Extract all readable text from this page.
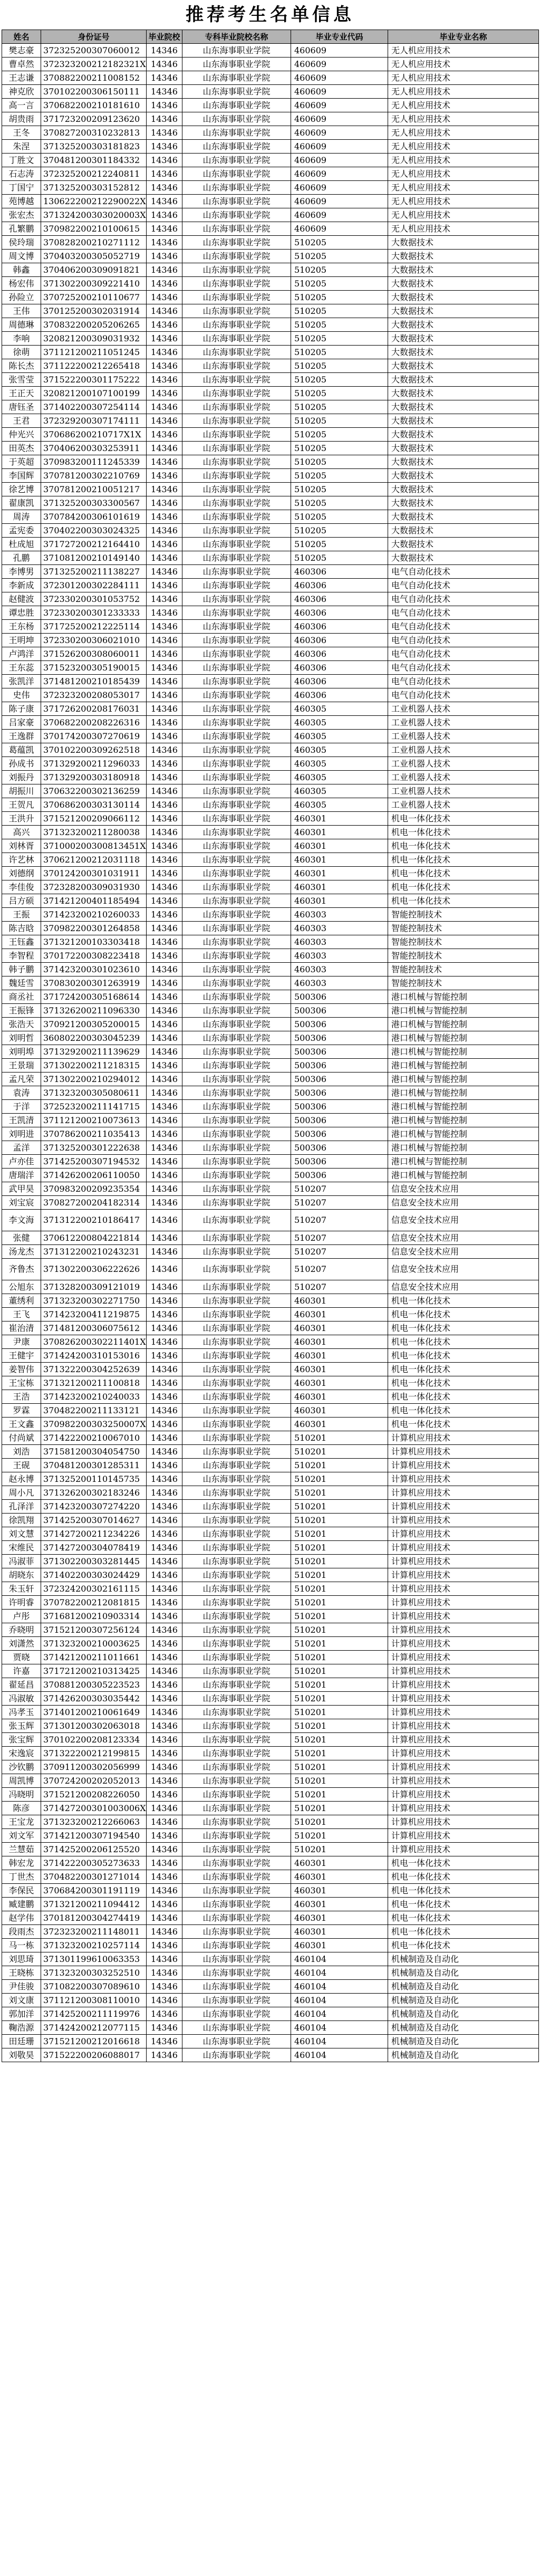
推荐考生名单信息
姓名	身份证号	毕业院校	专科毕业院校名称	毕业专业代码	毕业专业名称
樊志豪	372325200307060012	14346	山东海事职业学院	460609	无人机应用技术
曹卓然	372323200212182321X	14346	山东海事职业学院	460609	无人机应用技术
王志谦	370882200211008152	14346	山东海事职业学院	460609	无人机应用技术
神克欣	370102200306150111	14346	山东海事职业学院	460609	无人机应用技术
高一言	370682200210181610	14346	山东海事职业学院	460609	无人机应用技术
胡贵雨	371723200209123620	14346	山东海事职业学院	460609	无人机应用技术
王冬	370827200310232813	14346	山东海事职业学院	460609	无人机应用技术
朱涅	371325200303181823	14346	山东海事职业学院	460609	无人机应用技术
丁胜文	370481200301184332	14346	山东海事职业学院	460609	无人机应用技术
石志涛	372325200212240811	14346	山东海事职业学院	460609	无人机应用技术
丁国宁	371325200303152812	14346	山东海事职业学院	460609	无人机应用技术
苑博越	130622200212290022X	14346	山东海事职业学院	460609	无人机应用技术
张宏杰	371324200303020003X	14346	山东海事职业学院	460609	无人机应用技术
孔繁鹏	370982200210100615	14346	山东海事职业学院	460609	无人机应用技术
侯玲瑞	370828200210271112	14346	山东海事职业学院	510205	大数据技术
周文博	370403200305052719	14346	山东海事职业学院	510205	大数据技术
韩鑫	370406200309091821	14346	山东海事职业学院	510205	大数据技术
杨宏伟	371302200309221410	14346	山东海事职业学院	510205	大数据技术
孙险立	370725200210110677	14346	山东海事职业学院	510205	大数据技术
王伟	370125200302031914	14346	山东海事职业学院	510205	大数据技术
周德琳	370832200205206265	14346	山东海事职业学院	510205	大数据技术
李响	320821200309031932	14346	山东海事职业学院	510205	大数据技术
徐萌	371121200211051245	14346	山东海事职业学院	510205	大数据技术
陈长杰	371122200212265418	14346	山东海事职业学院	510205	大数据技术
张雪莹	371522200301175222	14346	山东海事职业学院	510205	大数据技术
王正天	320821200107100199	14346	山东海事职业学院	510205	大数据技术
唐钰圣	371402200307254114	14346	山东海事职业学院	510205	大数据技术
王君	372329200307174111	14346	山东海事职业学院	510205	大数据技术
仲光兴	370686200210717X1X	14346	山东海事职业学院	510205	大数据技术
田英杰	370406200303253911	14346	山东海事职业学院	510205	大数据技术
于英超	370983200111245339	14346	山东海事职业学院	510205	大数据技术
李国辉	370781200302210769	14346	山东海事职业学院	510205	大数据技术
徐艺博	370781200210051217	14346	山东海事职业学院	510205	大数据技术
翟康凯	371325200303300567	14346	山东海事职业学院	510205	大数据技术
周涛	370784200306101619	14346	山东海事职业学院	510205	大数据技术
孟宪委	370402200303024325	14346	山东海事职业学院	510205	大数据技术
杜成旭	371727200212164410	14346	山东海事职业学院	510205	大数据技术
孔鹏	371081200210149140	14346	山东海事职业学院	510205	大数据技术
李博男	371325200211138227	14346	山东海事职业学院	460306	电气自动化技术
李新成	372301200302284111	14346	山东海事职业学院	460306	电气自动化技术
赵健波	372330200301053752	14346	山东海事职业学院	460306	电气自动化技术
谭忠胜	372330200301233333	14346	山东海事职业学院	460306	电气自动化技术
王东杨	371725200212225114	14346	山东海事职业学院	460306	电气自动化技术
王明坤	372330200306021010	14346	山东海事职业学院	460306	电气自动化技术
卢鸿洋	371526200308060011	14346	山东海事职业学院	460306	电气自动化技术
王东蕊	371523200305190015	14346	山东海事职业学院	460306	电气自动化技术
张凯洋	371481200210185439	14346	山东海事职业学院	460306	电气自动化技术
史伟	372323200208053017	14346	山东海事职业学院	460306	电气自动化技术
陈子康	371726200208176031	14346	山东海事职业学院	460305	工业机器人技术
吕家豪	370682200208226316	14346	山东海事职业学院	460305	工业机器人技术
王逸群	370174200307270619	14346	山东海事职业学院	460305	工业机器人技术
葛蕴凯	370102200309262518	14346	山东海事职业学院	460305	工业机器人技术
孙成书	371329200211296033	14346	山东海事职业学院	460305	工业机器人技术
刘振丹	371329200303180918	14346	山东海事职业学院	460305	工业机器人技术
胡振川	370632200302136259	14346	山东海事职业学院	460305	工业机器人技术
王贺凡	370686200303130114	14346	山东海事职业学院	460305	工业机器人技术
王洪升	371521200209066112	14346	山东海事职业学院	460301	机电一体化技术
高兴	371323200211280038	14346	山东海事职业学院	460301	机电一体化技术
刘林胥	371000200300813451X	14346	山东海事职业学院	460301	机电一体化技术
许艺林	370621200212031118	14346	山东海事职业学院	460301	机电一体化技术
刘德纲	370124200301031911	14346	山东海事职业学院	460301	机电一体化技术
李佳俊	372328200309031930	14346	山东海事职业学院	460301	机电一体化技术
吕方硕	371421200401185494	14346	山东海事职业学院	460301	机电一体化技术
王振	371423200210260033	14346	山东海事职业学院	460303	智能控制技术
陈吉晗	370982200301264858	14346	山东海事职业学院	460303	智能控制技术
王钰鑫	371321200103303418	14346	山东海事职业学院	460303	智能控制技术
李智程	370172200308223418	14346	山东海事职业学院	460303	智能控制技术
韩子鹏	371423200301023610	14346	山东海事职业学院	460303	智能控制技术
魏廷雪	370830200301263919	14346	山东海事职业学院	460303	智能控制技术
商丞社	371724200305168614	14346	山东海事职业学院	500306	港口机械与智能控制
王振锋	371326200211096330	14346	山东海事职业学院	500306	港口机械与智能控制
张浩天	370921200305200015	14346	山东海事职业学院	500306	港口机械与智能控制
刘明哲	360802200303045239	14346	山东海事职业学院	500306	港口机械与智能控制
刘明埠	371329200211139629	14346	山东海事职业学院	500306	港口机械与智能控制
王景瑞	371302200211218315	14346	山东海事职业学院	500306	港口机械与智能控制
孟凡荣	371302200210294012	14346	山东海事职业学院	500306	港口机械与智能控制
袁涛	371323200305080611	14346	山东海事职业学院	500306	港口机械与智能控制
于洋	372523200211141715	14346	山东海事职业学院	500306	港口机械与智能控制
王凯清	371121200210073613	14346	山东海事职业学院	500306	港口机械与智能控制
刘明进	370786200211035413	14346	山东海事职业学院	500306	港口机械与智能控制
孟洋	371325200301222638	14346	山东海事职业学院	500306	港口机械与智能控制
卢亦佳	371425200307194532	14346	山东海事职业学院	500306	港口机械与智能控制
唐瑞洋	371426200206110050	14346	山东海事职业学院	500306	港口机械与智能控制
武甲昊	370983200209235354	14346	山东海事职业学院	510207	信息安全技术应用
刘宝宸	370827200204182314	14346	山东海事职业学院	510207	信息安全技术应用
李文海	371312200210186417	14346	山东海事职业学院	510207	信息安全技术应用
张健	370612200804221814	14346	山东海事职业学院	510207	信息安全技术应用
汤龙杰	371312200210243231	14346	山东海事职业学院	510207	信息安全技术应用
齐鲁杰	371302200306222626	14346	山东海事职业学院	510207	信息安全技术应用
公旭东	371328200309121019	14346	山东海事职业学院	510207	信息安全技术应用
董绣利	371323200302271750	14346	山东海事职业学院	460301	机电一体化技术
王飞	371423200411219875	14346	山东海事职业学院	460301	机电一体化技术
崔治清	371481200306075612	14346	山东海事职业学院	460301	机电一体化技术
尹康	370826200302211401X	14346	山东海事职业学院	460301	机电一体化技术
王健宇	371424200310153016	14346	山东海事职业学院	460301	机电一体化技术
姜智伟	371322200304252639	14346	山东海事职业学院	460301	机电一体化技术
王宝栋	371321200211100818	14346	山东海事职业学院	460301	机电一体化技术
王浩	371423200210240033	14346	山东海事职业学院	460301	机电一体化技术
罗霖	370482200211133121	14346	山东海事职业学院	460301	机电一体化技术
王文鑫	370982200303250007X	14346	山东海事职业学院	460301	机电一体化技术
付尚斌	371422200210067010	14346	山东海事职业学院	510201	计算机应用技术
刘浩	371581200304054750	14346	山东海事职业学院	510201	计算机应用技术
王砚	370481200301285311	14346	山东海事职业学院	510201	计算机应用技术
赵永博	371325200110145735	14346	山东海事职业学院	510201	计算机应用技术
周小凡	371326200302183246	14346	山东海事职业学院	510201	计算机应用技术
孔泽洋	371423200307274220	14346	山东海事职业学院	510201	计算机应用技术
徐凯翔	371425200307014627	14346	山东海事职业学院	510201	计算机应用技术
刘文慧	371427200211234226	14346	山东海事职业学院	510201	计算机应用技术
宋维民	371427200304078419	14346	山东海事职业学院	510201	计算机应用技术
冯淑菲	371302200303281445	14346	山东海事职业学院	510201	计算机应用技术
胡晓东	371402200303024429	14346	山东海事职业学院	510201	计算机应用技术
朱玉轩	372324200302161115	14346	山东海事职业学院	510201	计算机应用技术
许明睿	370782200212081815	14346	山东海事职业学院	510201	计算机应用技术
卢彤	371681200210903314	14346	山东海事职业学院	510201	计算机应用技术
乔晓明	371521200307256124	14346	山东海事职业学院	510201	计算机应用技术
刘潇然	371323200210003625	14346	山东海事职业学院	510201	计算机应用技术
贾晓	371421200211011661	14346	山东海事职业学院	510201	计算机应用技术
许嘉	371721200210313425	14346	山东海事职业学院	510201	计算机应用技术
翟延昌	370881200305223523	14346	山东海事职业学院	510201	计算机应用技术
冯淑敏	371426200303035442	14346	山东海事职业学院	510201	计算机应用技术
冯孝玉	371401200210061649	14346	山东海事职业学院	510201	计算机应用技术
张玉辉	371301200302063018	14346	山东海事职业学院	510201	计算机应用技术
张宝辉	370102200208123334	14346	山东海事职业学院	510201	计算机应用技术
宋逸宸	371322200212199815	14346	山东海事职业学院	510201	计算机应用技术
沙钦鹏	370911200302056999	14346	山东海事职业学院	510201	计算机应用技术
周凯博	370724200202052013	14346	山东海事职业学院	510201	计算机应用技术
冯晓明	371521200208226050	14346	山东海事职业学院	510201	计算机应用技术
陈彦	371427200301003006X	14346	山东海事职业学院	510201	计算机应用技术
王宝龙	371323200212266063	14346	山东海事职业学院	510201	计算机应用技术
刘文军	371421200307194540	14346	山东海事职业学院	510201	计算机应用技术
兰慧茹	371425200206125520	14346	山东海事职业学院	510201	计算机应用技术
韩宏龙	371422200305273633	14346	山东海事职业学院	460301	机电一体化技术
丁世杰	370482200301271014	14346	山东海事职业学院	460301	机电一体化技术
李保民	370684200301191119	14346	山东海事职业学院	460301	机电一体化技术
臧建鹏	371321200211094412	14346	山东海事职业学院	460301	机电一体化技术
赵学伟	370181200304274419	14346	山东海事职业学院	460301	机电一体化技术
段雨杰	372323200211148011	14346	山东海事职业学院	460301	机电一体化技术
马一栋	371323200210257114	14346	山东海事职业学院	460301	机电一体化技术
刘思琦	371301199610063353	14346	山东海事职业学院	460104	机械制造及自动化
王晓栋	371323200303252510	14346	山东海事职业学院	460104	机械制造及自动化
尹佳骏	371082200307089610	14346	山东海事职业学院	460104	机械制造及自动化
刘文康	371121200308110010	14346	山东海事职业学院	460104	机械制造及自动化
郭加洋	371425200211119976	14346	山东海事职业学院	460104	机械制造及自动化
鞠浩源	371424200212077115	14346	山东海事职业学院	460104	机械制造及自动化
田廷珊	371521200212016618	14346	山东海事职业学院	460104	机械制造及自动化
刘敬昊	371522200206088017	14346	山东海事职业学院	460104	机械制造及自动化
